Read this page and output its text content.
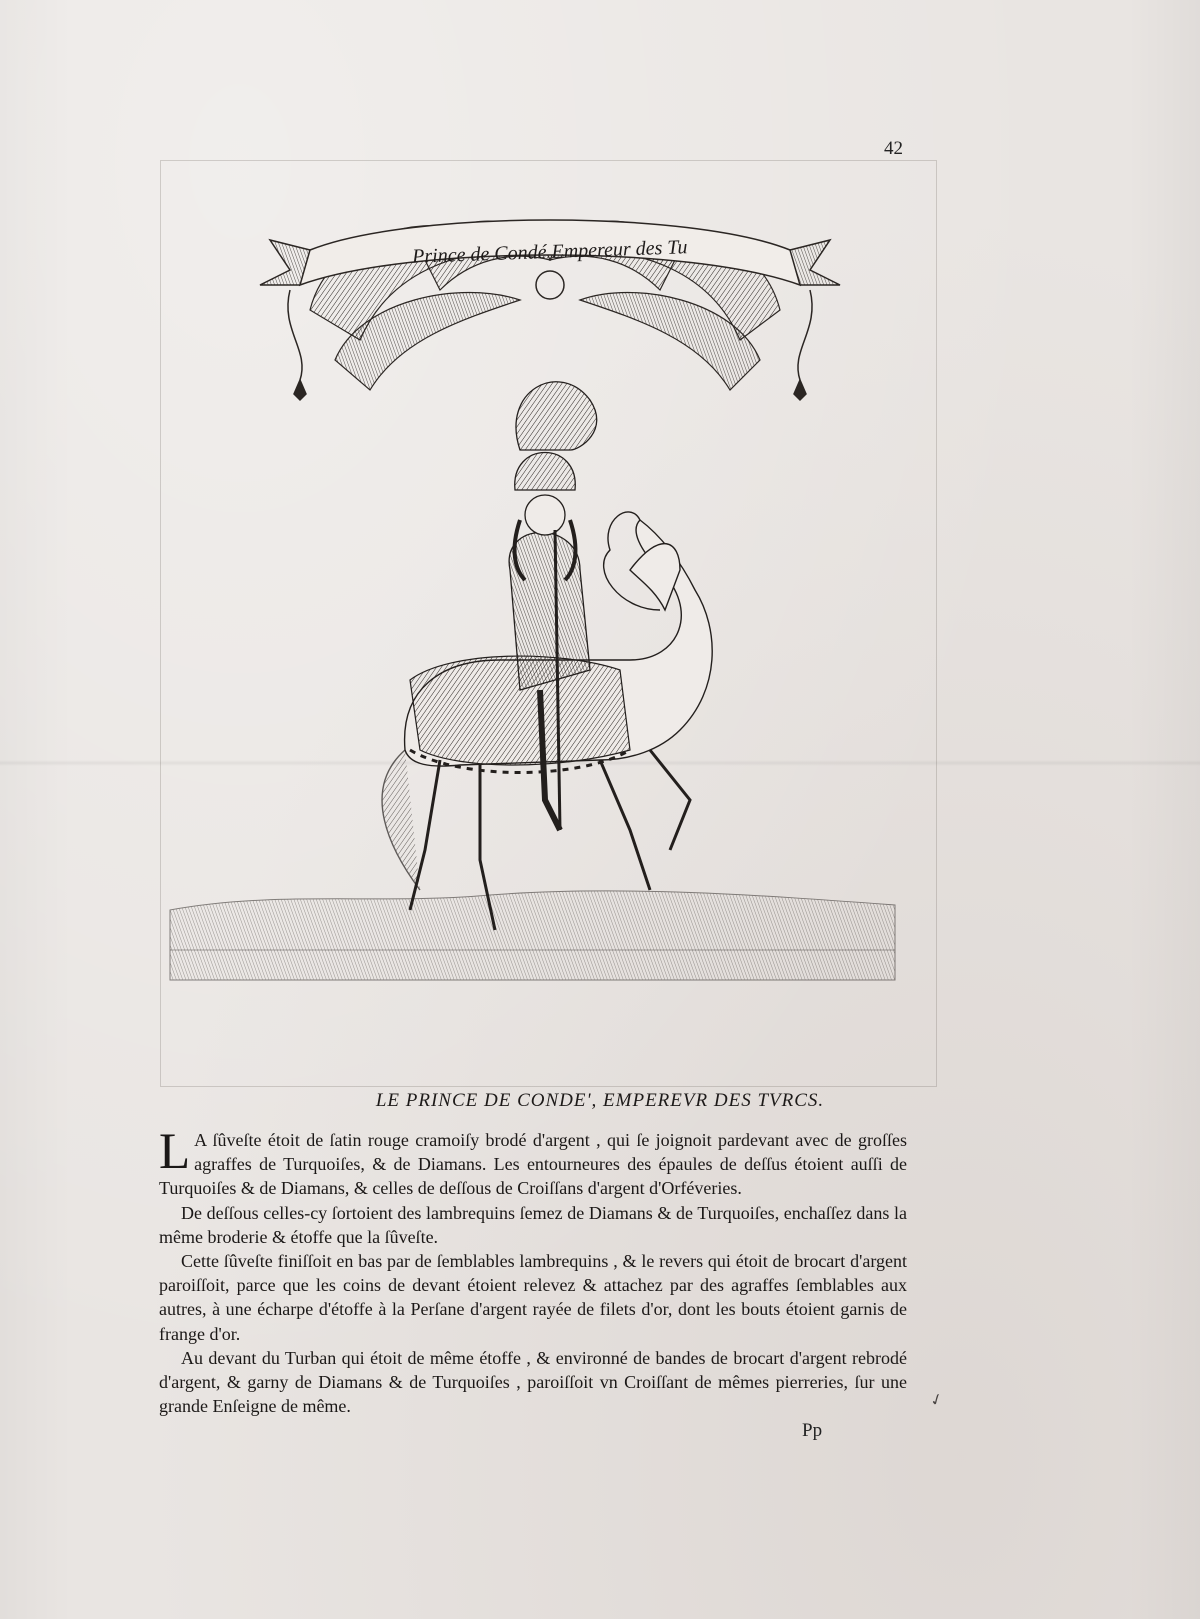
42
Prince de Condé Empereur des Tu
LE PRINCE DE CONDE', EMPEREVR DES TVRCS.

L A ſûveſte étoit de ſatin rouge cramoiſy brodé d'argent , qui ſe joignoit pardevant avec de groſſes agraffes de Turquoiſes, & de Diamans. Les entourneures des épaules de deſſus étoient auſſi de Turquoiſes & de Diamans, & celles de deſſous de Croiſſans d'argent d'Orféveries.

De deſſous celles-cy ſortoient des lambrequins ſemez de Diamans & de Turquoiſes, enchaſſez dans la même broderie & étoffe que la ſûveſte.

Cette ſûveſte finiſſoit en bas par de ſemblables lambrequins , & le revers qui étoit de brocart d'argent paroiſſoit, parce que les coins de devant étoient relevez & attachez par des agraffes ſemblables aux autres, à une écharpe d'étoffe à la Perſane d'argent rayée de filets d'or, dont les bouts étoient garnis de frange d'or.

Au devant du Turban qui étoit de même étoffe , & environné de bandes de brocart d'argent rebrodé d'argent, & garny de Diamans & de Turquoiſes , paroiſſoit vn Croiſſant de mêmes pierreries, ſur une grande Enſeigne de même.	✓
Pp
